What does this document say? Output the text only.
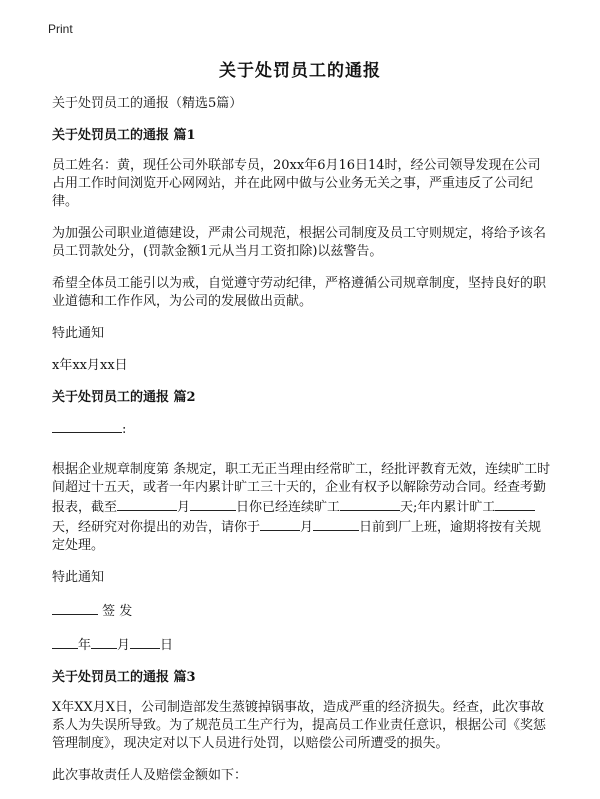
Print
关于处罚员工的通报

关于处罚员工的通报（精选5篇）

关于处罚员工的通报 篇1

员工姓名：黄，现任公司外联部专员，20xx年6月16日14时，经公司领导发现在公司占用工作时间浏览开心网网站，并在此网中做与公业务无关之事，严重违反了公司纪律。

为加强公司职业道德建设，严肃公司规范，根据公司制度及员工守则规定，将给予该名员工罚款处分，(罚款金额1元从当月工资扣除)以兹警告。

希望全体员工能引以为戒，自觉遵守劳动纪律，严格遵循公司规章制度，坚持良好的职业道德和工作作风，为公司的发展做出贡献。

特此通知

x年xx月xx日

关于处罚员工的通报 篇2

:

根据企业规章制度第 条规定，职工无正当理由经常旷工，经批评教育无效，连续旷工时间超过十五天，或者一年内累计旷工三十天的，企业有权予以解除劳动合同。经查考勤报表，截至	月	日你已经连续旷工	天;年内累计旷工天，经研究对你提出的劝告，请你于	月	日前到厂上班，逾期将按有关规定处理。

特此通知

签 发

年 月 日

关于处罚员工的通报 篇3

X年XX月X日，公司制造部发生蒸镀掉锅事故，造成严重的经济损失。经查，此次事故系人为失误所导致。为了规范员工生产行为，提高员工作业责任意识，根据公司《奖惩管理制度》，现决定对以下人员进行处罚，以赔偿公司所遭受的损失。

此次事故责任人及赔偿金额如下：
